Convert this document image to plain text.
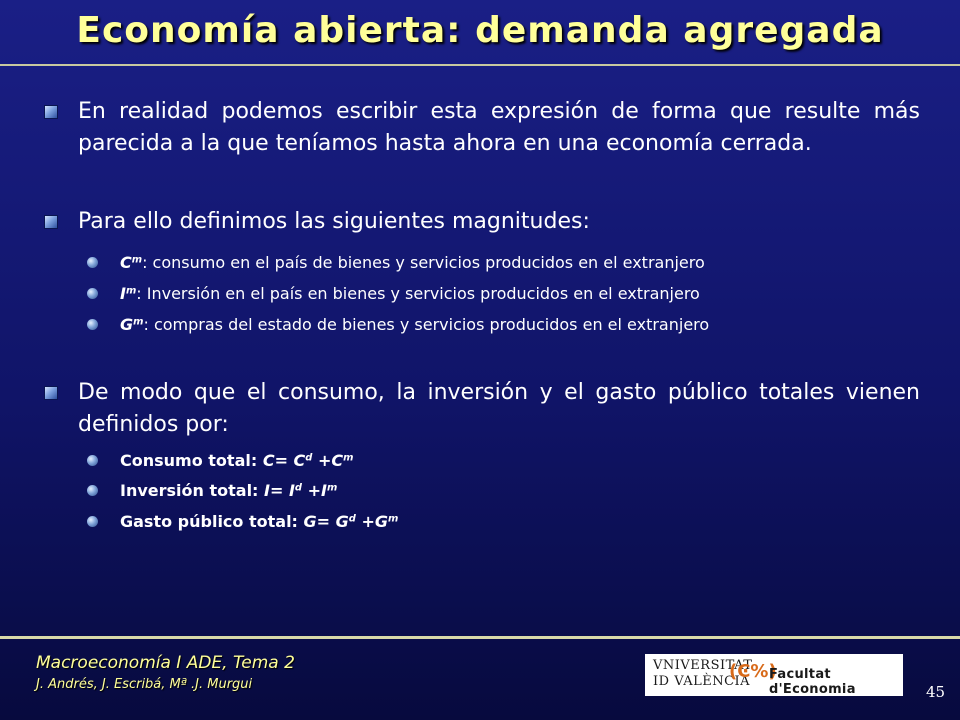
Economía abierta: demanda agregada
En realidad podemos escribir esta expresión de forma que resulte más parecida a la que teníamos hasta ahora en una economía cerrada.
Para ello definimos las siguientes magnitudes:
$C^m$: consumo en el país de bienes y servicios producidos en el extranjero
$I^m$: Inversión en el país en bienes y servicios producidos en el extranjero
$G^m$: compras del estado de bienes y servicios producidos en el extranjero
De modo que el consumo, la inversión y el gasto público totales vienen definidos por:
Consumo total: $C= C^d +C^m$
Inversión total: $I= I^d +I^m$
Gasto público total: $G= G^d +G^m$
Macroeconomía I ADE, Tema 2
J. Andrés, J. Escribá, Mª .J. Murgui
VNIVERSITAT
ID VALÈNCIA
(Ͼ%)
Facultat d'Economia	45
